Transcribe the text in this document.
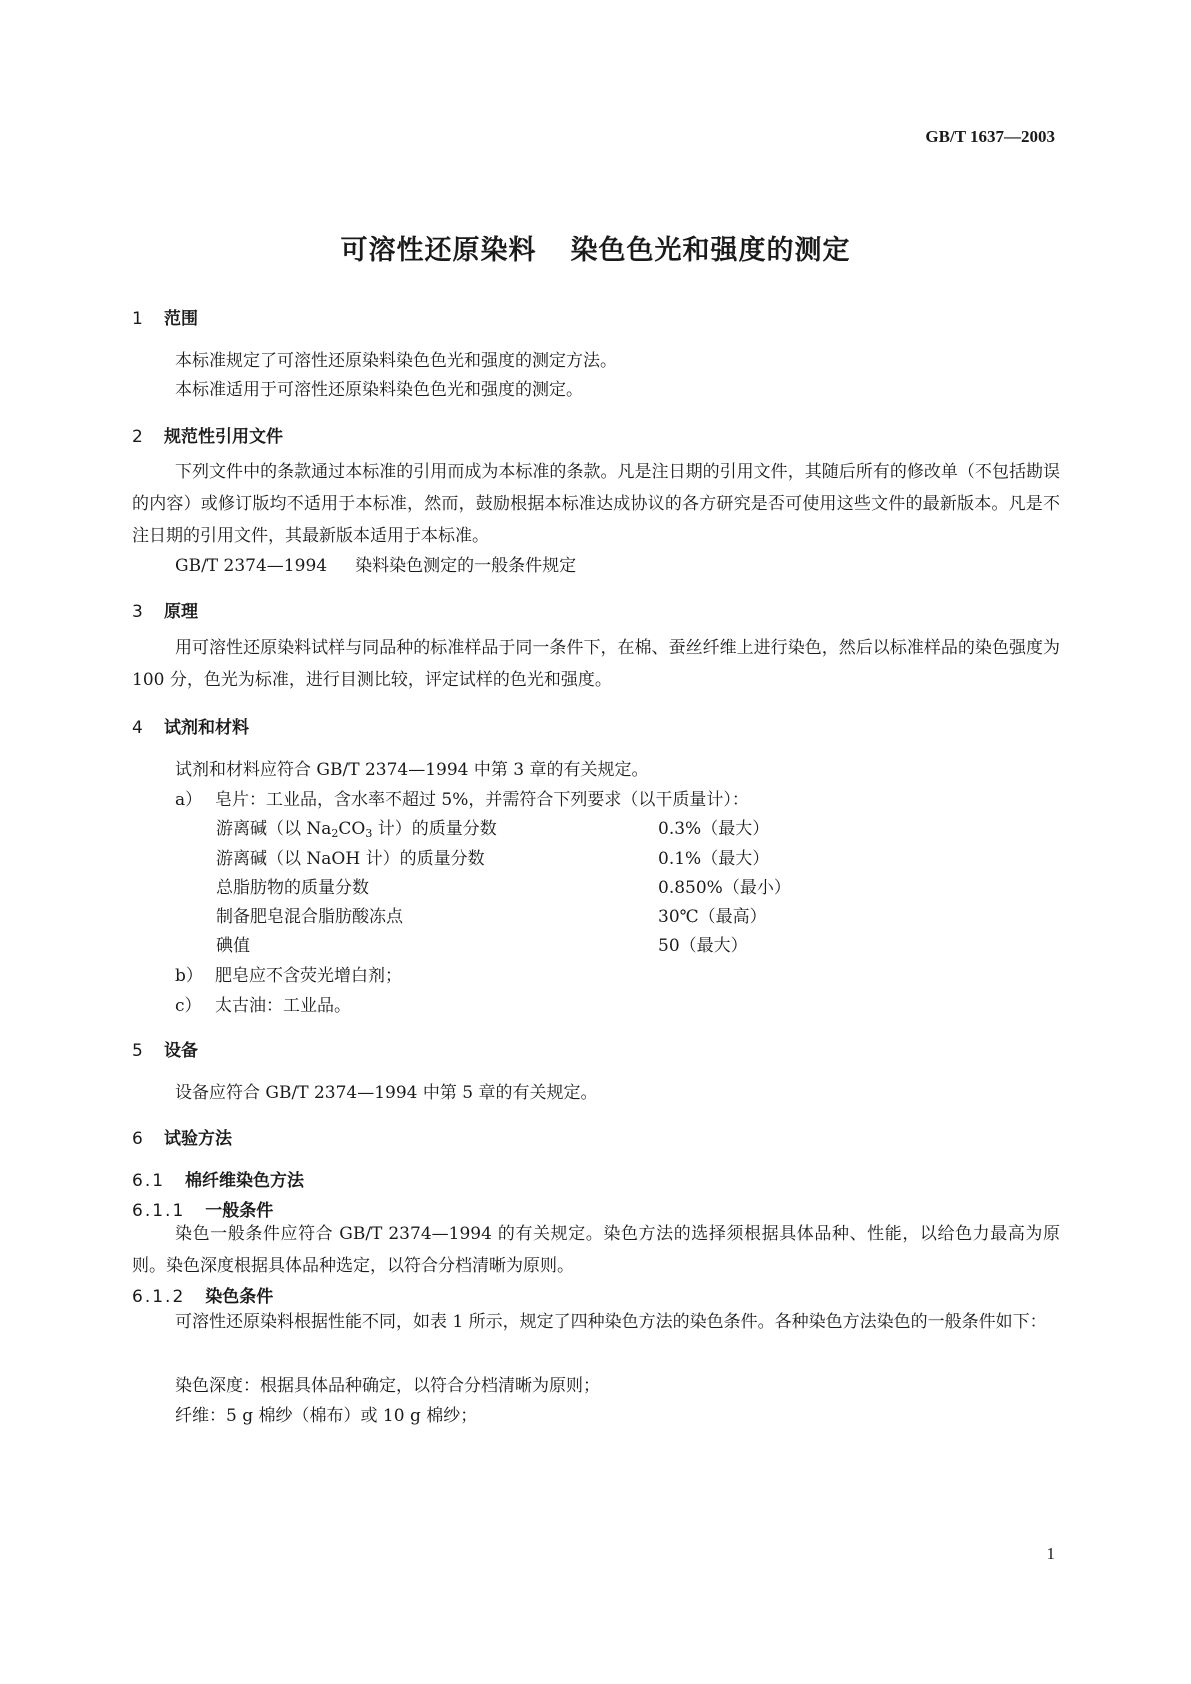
GB/T 1637—2003
可溶性还原染料 染色色光和强度的测定
1 范围
本标准规定了可溶性还原染料染色色光和强度的测定方法。
本标准适用于可溶性还原染料染色色光和强度的测定。
2 规范性引用文件
下列文件中的条款通过本标准的引用而成为本标准的条款。凡是注日期的引用文件，其随后所有的修改单（不包括勘误的内容）或修订版均不适用于本标准，然而，鼓励根据本标准达成协议的各方研究是否可使用这些文件的最新版本。凡是不注日期的引用文件，其最新版本适用于本标准。
GB/T 2374—1994 染料染色测定的一般条件规定
3 原理
用可溶性还原染料试样与同品种的标准样品于同一条件下，在棉、蚕丝纤维上进行染色，然后以标准样品的染色强度为 100 分，色光为标准，进行目测比较，评定试样的色光和强度。
4 试剂和材料
试剂和材料应符合 GB/T 2374—1994 中第 3 章的有关规定。
a） 皂片：工业品，含水率不超过 5%，并需符合下列要求（以干质量计）：
游离碱（以 $Na_2CO_3$ 计）的质量分数	0.3%（最大）
游离碱（以 NaOH 计）的质量分数	0.1%（最大）
总脂肪物的质量分数	0.850%（最小）
制备肥皂混合脂肪酸冻点	30℃（最高）
碘值	50（最大）
b） 肥皂应不含荧光增白剂；
c） 太古油：工业品。
5 设备
设备应符合 GB/T 2374—1994 中第 5 章的有关规定。
6 试验方法
6.1 棉纤维染色方法
6.1.1 一般条件
染色一般条件应符合 GB/T 2374—1994 的有关规定。染色方法的选择须根据具体品种、性能，以给色力最高为原则。染色深度根据具体品种选定，以符合分档清晰为原则。
6.1.2 染色条件
可溶性还原染料根据性能不同，如表 1 所示，规定了四种染色方法的染色条件。各种染色方法染色的一般条件如下：
染色深度：根据具体品种确定，以符合分档清晰为原则；
纤维：5 g 棉纱（棉布）或 10 g 棉纱；
1
